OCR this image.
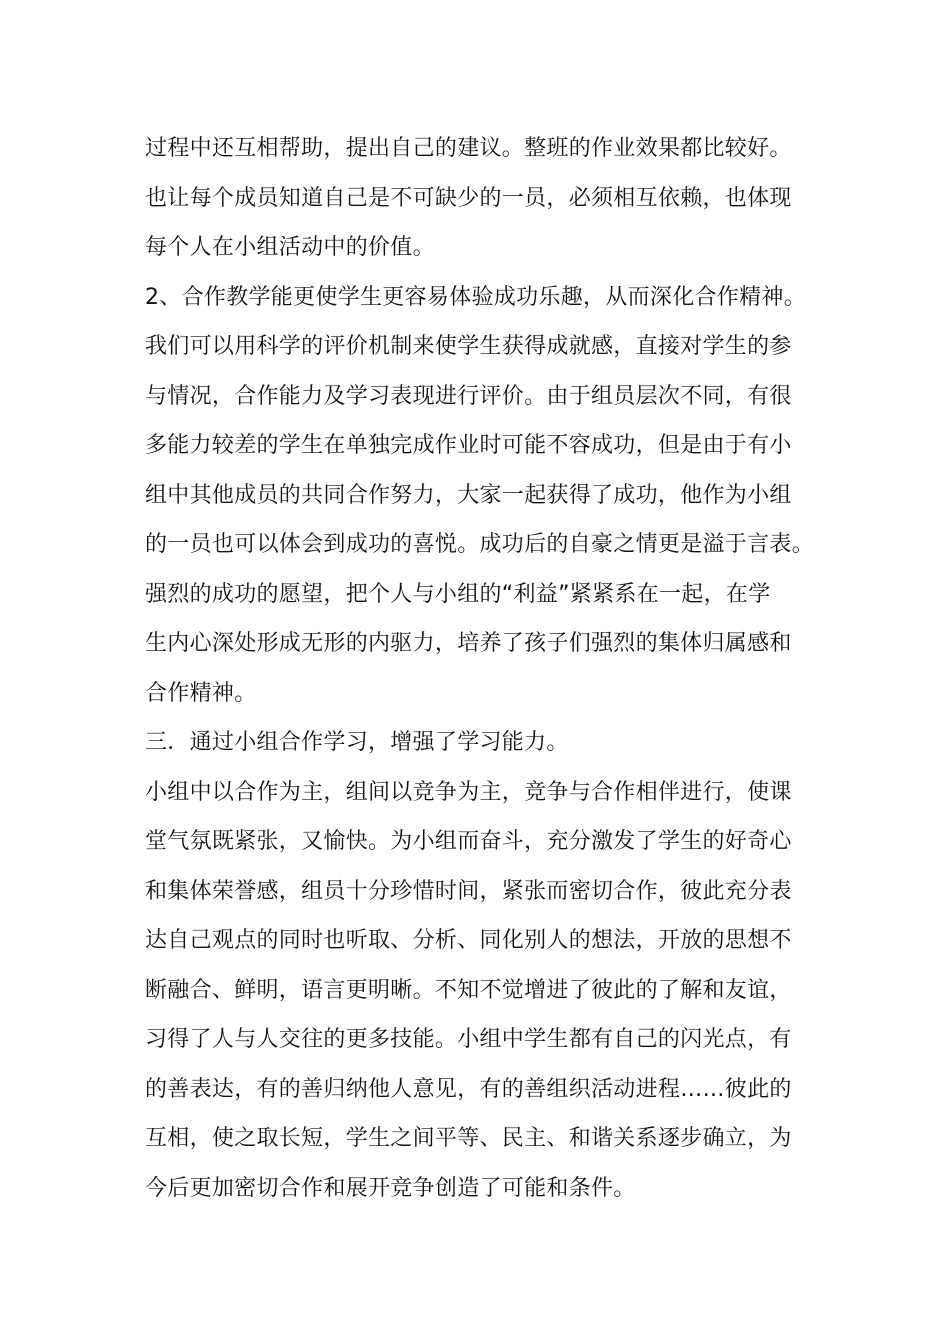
过程中还互相帮助，提出自己的建议。整班的作业效果都比较好。
也让每个成员知道自己是不可缺少的一员，必须相互依赖，也体现
每个人在小组活动中的价值。
2、合作教学能更使学生更容易体验成功乐趣，从而深化合作精神。
我们可以用科学的评价机制来使学生获得成就感，直接对学生的参
与情况，合作能力及学习表现进行评价。由于组员层次不同，有很
多能力较差的学生在单独完成作业时可能不容成功，但是由于有小
组中其他成员的共同合作努力，大家一起获得了成功，他作为小组
的一员也可以体会到成功的喜悦。成功后的自豪之情更是溢于言表。
强烈的成功的愿望，把个人与小组的“利益”紧紧系在一起，在学
生内心深处形成无形的内驱力，培养了孩子们强烈的集体归属感和
合作精神。
三．通过小组合作学习，增强了学习能力。
小组中以合作为主，组间以竞争为主，竞争与合作相伴进行，使课
堂气氛既紧张，又愉快。为小组而奋斗，充分激发了学生的好奇心
和集体荣誉感，组员十分珍惜时间，紧张而密切合作，彼此充分表
达自己观点的同时也听取、分析、同化别人的想法，开放的思想不
断融合、鲜明，语言更明晰。不知不觉增进了彼此的了解和友谊，
习得了人与人交往的更多技能。小组中学生都有自己的闪光点，有
的善表达，有的善归纳他人意见，有的善组织活动进程……彼此的
互相，使之取长短，学生之间平等、民主、和谐关系逐步确立，为
今后更加密切合作和展开竞争创造了可能和条件。
